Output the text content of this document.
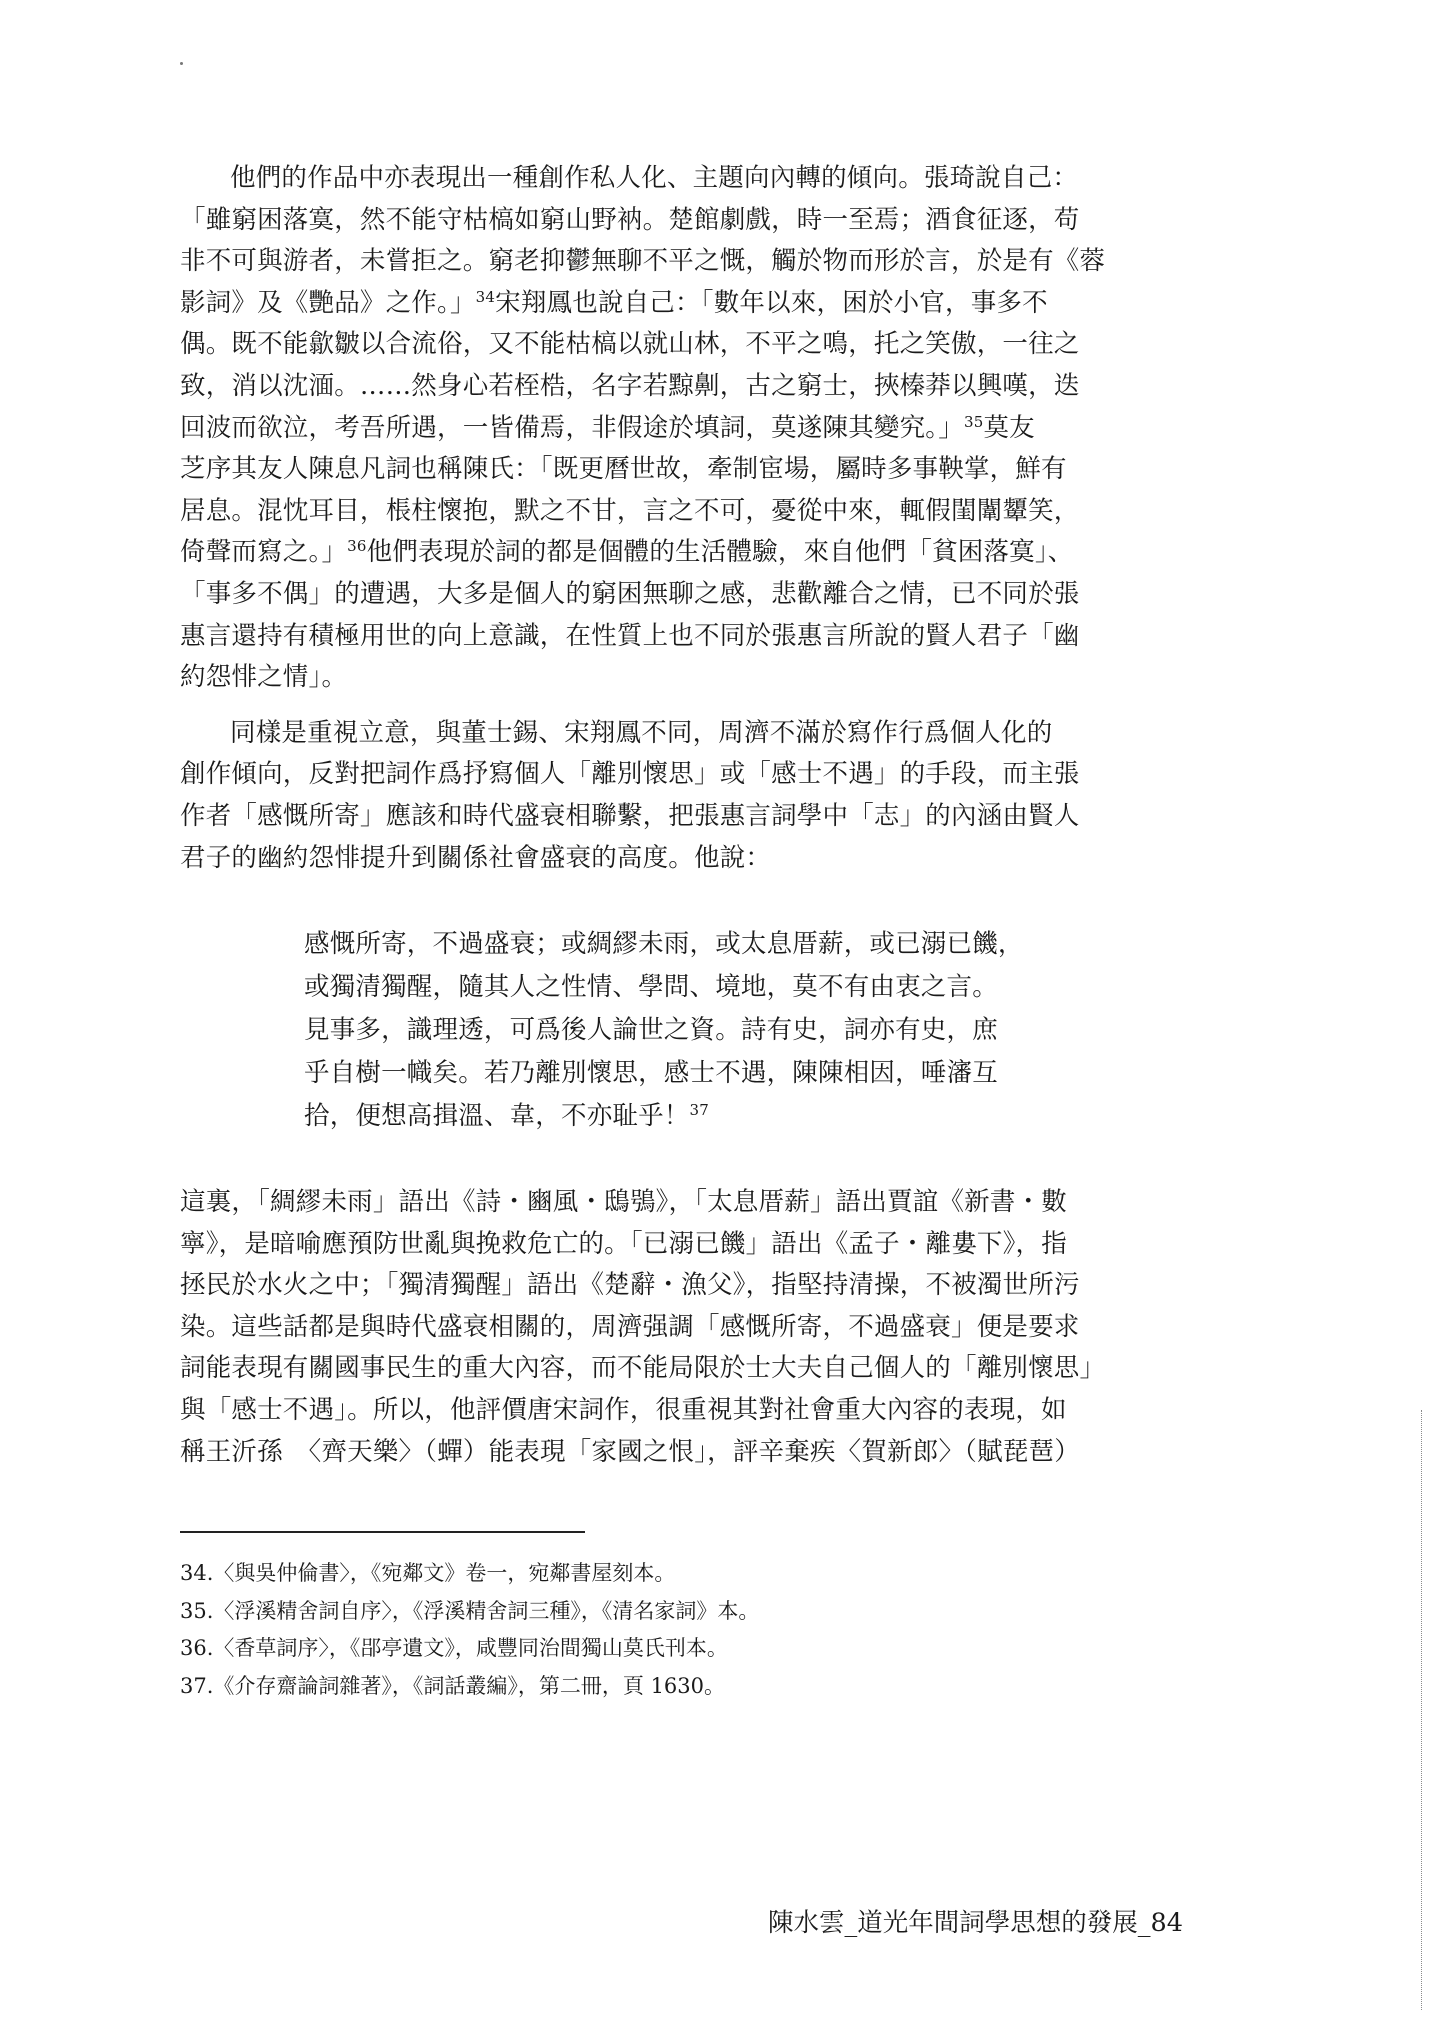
他們的作品中亦表現出一種創作私人化、主題向內轉的傾向。張琦說自己：
「雖窮困落寞，然不能守枯槁如窮山野衲。楚館劇戲，時一至焉；酒食征逐，苟
非不可與游者，未嘗拒之。窮老抑鬱無聊不平之慨，觸於物而形於言，於是有《蓉
影詞》及《艷品》之作。」$^{34}$宋翔鳳也說自己：「數年以來，困於小官，事多不
偶。既不能歙皺以合流俗，又不能枯槁以就山林，不平之鳴，托之笑傲，一往之
致，消以沈湎。……然身心若桎梏，名字若黥劓，古之窮士，挾榛莽以興嘆，迭
回波而欲泣，考吾所遇，一皆備焉，非假途於填詞，莫遂陳其變究。」$^{35}$莫友
芝序其友人陳息凡詞也稱陳氏：「既更曆世故，牽制宦場，屬時多事鞅掌，鮮有
居息。混忱耳目，棖柱懷抱，默之不甘，言之不可，憂從中來，輒假閨闈顰笑，
倚聲而寫之。」$^{36}$他們表現於詞的都是個體的生活體驗，來自他們「貧困落寞」、
「事多不偶」的遭遇，大多是個人的窮困無聊之感，悲歡離合之情，已不同於張
惠言還持有積極用世的向上意識，在性質上也不同於張惠言所說的賢人君子「幽
約怨悱之情」。
同樣是重視立意，與董士錫、宋翔鳳不同，周濟不滿於寫作行爲個人化的
創作傾向，反對把詞作爲抒寫個人「離別懷思」或「感士不遇」的手段，而主張
作者「感慨所寄」應該和時代盛衰相聯繫，把張惠言詞學中「志」的內涵由賢人
君子的幽約怨悱提升到關係社會盛衰的高度。他說：
感慨所寄，不過盛衰；或綢繆未雨，或太息厝薪，或已溺已饑，
或獨清獨醒，隨其人之性情、學問、境地，莫不有由衷之言。
見事多，識理透，可爲後人論世之資。詩有史，詞亦有史，庶
乎自樹一幟矣。若乃離別懷思，感士不遇，陳陳相因，唾瀋互
拾，便想高揖溫、韋，不亦耻乎！$^{37}$
這裏，「綢繆未雨」語出《詩・豳風・鴟鴞》，「太息厝薪」語出賈誼《新書・數
寧》，是暗喻應預防世亂與挽救危亡的。「已溺已饑」語出《孟子・離婁下》，指
拯民於水火之中；「獨清獨醒」語出《楚辭・漁父》，指堅持清操，不被濁世所污
染。這些話都是與時代盛衰相關的，周濟强調「感慨所寄，不過盛衰」便是要求
詞能表現有關國事民生的重大內容，而不能局限於士大夫自己個人的「離別懷思」
與「感士不遇」。所以，他評價唐宋詞作，很重視其對社會重大內容的表現，如
稱王沂孫　〈齊天樂〉（蟬）能表現「家國之恨」，評辛棄疾〈賀新郎〉（賦琵琶）
34.〈與吳仲倫書〉，《宛鄰文》卷一，宛鄰書屋刻本。
35.〈浮溪精舍詞自序〉，《浮溪精舍詞三種》，《清名家詞》本。
36.〈香草詞序〉，《郘亭遺文》，咸豐同治間獨山莫氏刊本。
37.《介存齋論詞雜著》，《詞話叢編》，第二冊，頁 1630。
陳水雲_道光年間詞學思想的發展_84
